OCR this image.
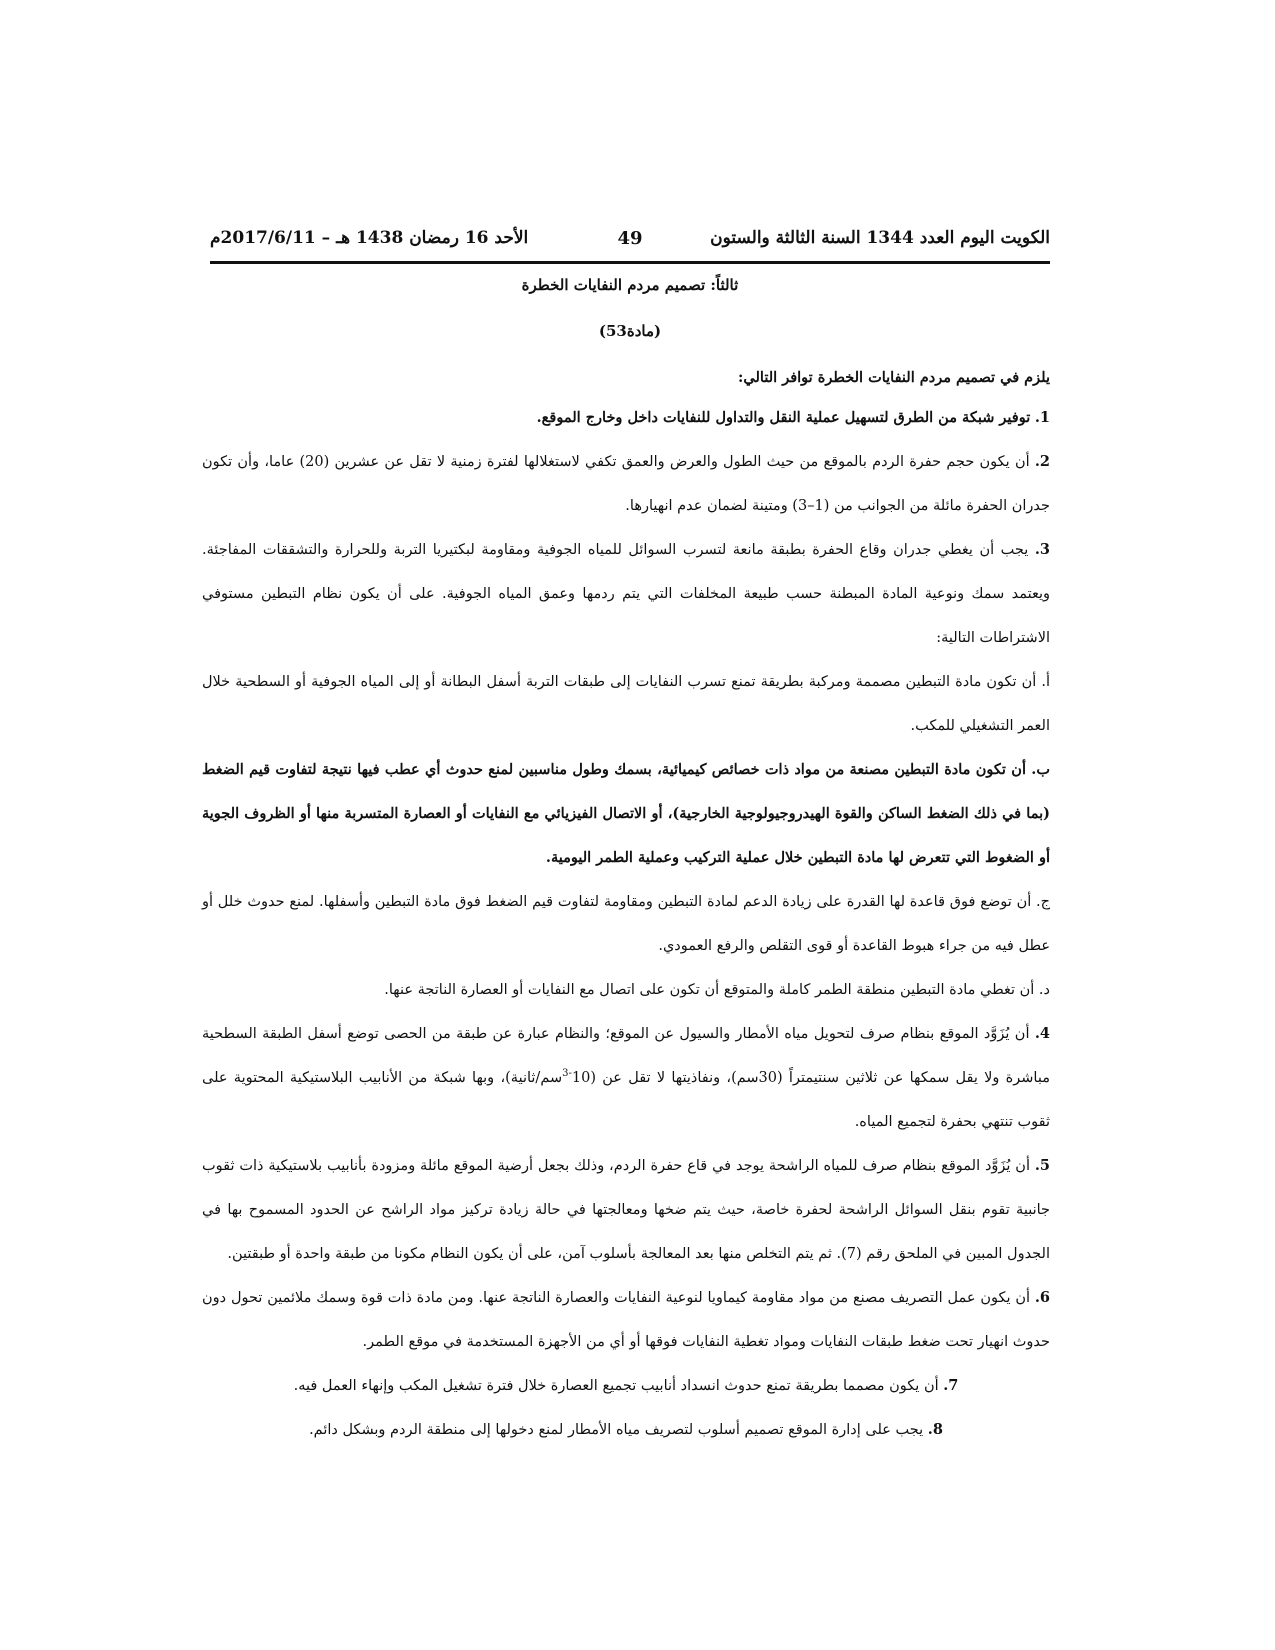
الكويت اليوم العدد 1344 السنة الثالثة والستون
49
الأحد 16 رمضان 1438 هـ – 2017/6/11م
ثالثاً: تصميم مردم النفايات الخطرة
(مادة53)

يلزم في تصميم مردم النفايات الخطرة توافر التالي:

1. توفير شبكة من الطرق لتسهيل عملية النقل والتداول للنفايات داخل وخارج الموقع.

2. أن يكون حجم حفرة الردم بالموقع من حيث الطول والعرض والعمق تكفي لاستغلالها لفترة زمنية لا تقل عن عشرين (20) عاما، وأن تكون جدران الحفرة مائلة من الجوانب من (1–3) ومتينة لضمان عدم انهيارها.

3. يجب أن يغطي جدران وقاع الحفرة بطبقة مانعة لتسرب السوائل للمياه الجوفية ومقاومة لبكتيريا التربة وللحرارة والتشققات المفاجئة. ويعتمد سمك ونوعية المادة المبطنة حسب طبيعة المخلفات التي يتم ردمها وعمق المياه الجوفية. على أن يكون نظام التبطين مستوفي الاشتراطات التالية:

أ. أن تكون مادة التبطين مصممة ومركبة بطريقة تمنع تسرب النفايات إلى طبقات التربة أسفل البطانة أو إلى المياه الجوفية أو السطحية خلال العمر التشغيلي للمكب.

ب. أن تكون مادة التبطين مصنعة من مواد ذات خصائص كيميائية، بسمك وطول مناسبين لمنع حدوث أي عطب فيها نتيجة لتفاوت قيم الضغط (بما في ذلك الضغط الساكن والقوة الهيدروجيولوجية الخارجية)، أو الاتصال الفيزيائي مع النفايات أو العصارة المتسربة منها أو الظروف الجوية أو الضغوط التي تتعرض لها مادة التبطين خلال عملية التركيب وعملية الطمر اليومية.

ج. أن توضع فوق قاعدة لها القدرة على زيادة الدعم لمادة التبطين ومقاومة لتفاوت قيم الضغط فوق مادة التبطين وأسفلها. لمنع حدوث خلل أو عطل فيه من جراء هبوط القاعدة أو قوى التقلص والرفع العمودي.

د. أن تغطي مادة التبطين منطقة الطمر كاملة والمتوقع أن تكون على اتصال مع النفايات أو العصارة الناتجة عنها.

4. أن يُزَوَّد الموقع بنظام صرف لتحويل مياه الأمطار والسيول عن الموقع؛ والنظام عبارة عن طبقة من الحصى توضع أسفل الطبقة السطحية مباشرة ولا يقل سمكها عن ثلاثين سنتيمتراً (30سم)، ونفاذيتها لا تقل عن $(10^{-3}سم/ثانية)،$ وبها شبكة من الأنابيب البلاستيكية المحتوية على ثقوب تنتهي بحفرة لتجميع المياه.

5. أن يُزَوَّد الموقع بنظام صرف للمياه الراشحة يوجد في قاع حفرة الردم، وذلك بجعل أرضية الموقع مائلة ومزودة بأنابيب بلاستيكية ذات ثقوب جانبية تقوم بنقل السوائل الراشحة لحفرة خاصة، حيث يتم ضخها ومعالجتها في حالة زيادة تركيز مواد الراشح عن الحدود المسموح بها في الجدول المبين في الملحق رقم (7). ثم يتم التخلص منها بعد المعالجة بأسلوب آمن، على أن يكون النظام مكونا من طبقة واحدة أو طبقتين.

6. أن يكون عمل التصريف مصنع من مواد مقاومة كيماويا لنوعية النفايات والعصارة الناتجة عنها. ومن مادة ذات قوة وسمك ملائمين تحول دون حدوث انهيار تحت ضغط طبقات النفايات ومواد تغطية النفايات فوقها أو أي من الأجهزة المستخدمة في موقع الطمر.

7. أن يكون مصمما بطريقة تمنع حدوث انسداد أنابيب تجميع العصارة خلال فترة تشغيل المكب وإنهاء العمل فيه.

8. يجب على إدارة الموقع تصميم أسلوب لتصريف مياه الأمطار لمنع دخولها إلى منطقة الردم وبشكل دائم.
